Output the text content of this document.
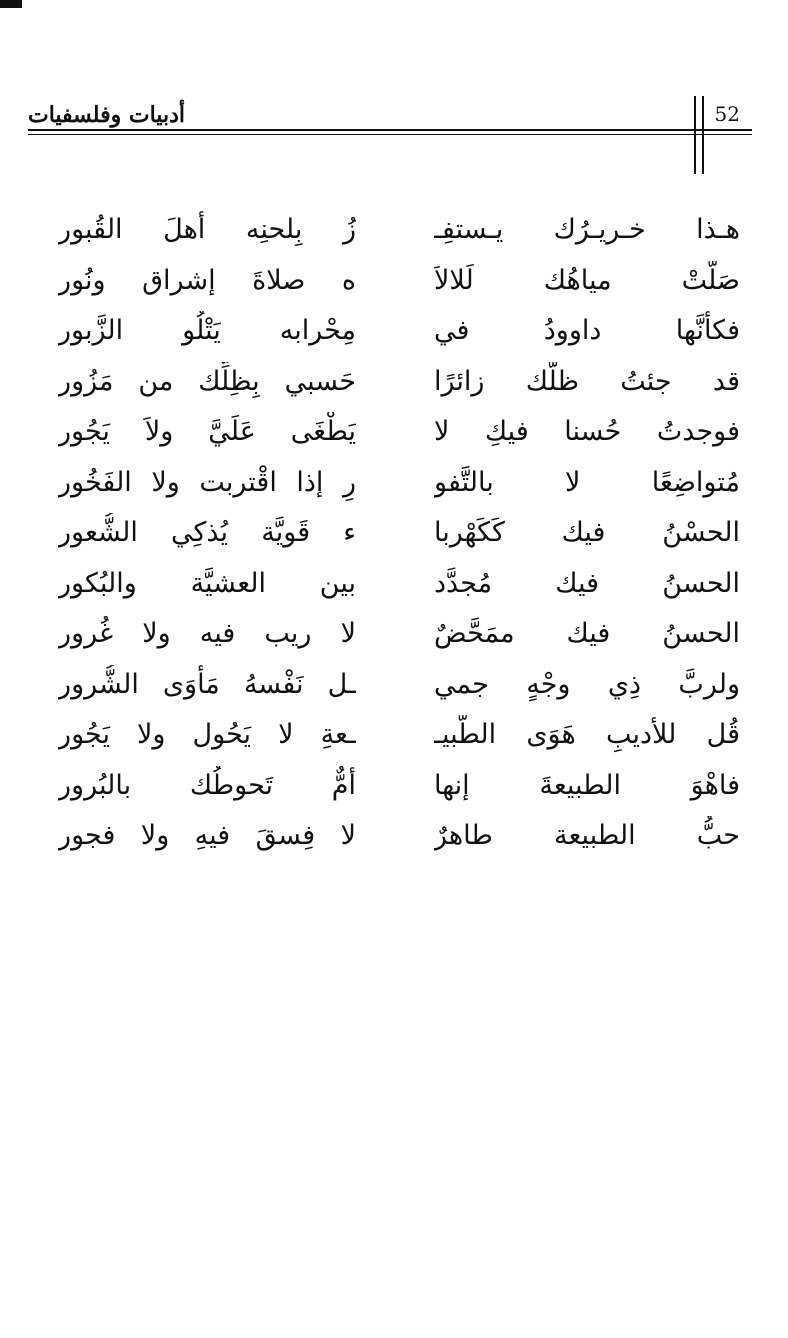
أدبيات وفلسفيات	52
هـذا
خـريـرُك
يـستفِـ
زُ
بِلحنِه
أهلَ
القُبور
صَلَّتْ
مياهُك
لَلالاَ
ه
صلاةَ
إشراق
ونُور
فكأنَّها
داوودُ
في
مِحْرابه
يَتْلُو
الزَّبور
قد
جئتُ
ظلَّك
زائرًا
حَسبي
بِظِلِّك
من
مَزُور
فوجدتُ
حُسنا
فيكِ
لا
يَطْغَى
عَلَيَّ
ولاَ
يَجُور
مُتواضِعًا
لا
بالتَّفو
رِ
إذا
اقْتربت
ولا
الفَخُور
الحسْنُ
فيك
كَكَهْربا
ء
قَويَّة
يُذكِي
الشُّعور
الحسنُ
فيك
مُجدَّد
بين
العشيَّة
والبُكور
الحسنُ
فيك
ممَحَّضٌ
لا
ريب
فيه
ولا
غُرور
ولربَّ
ذِي
وجْهٍ
جمي
ـل
نَفْسهُ
مَأوَى
الشُّرور
قُل
للأديبِ
هَوَى
الطَّبيـ
ـعةِ
لا
يَحُول
ولا
يَجُور
فاهْوَ
الطبيعةَ
إنها
أمٌّ
تَحوطُك
بالبُرور
حبُّ
الطبيعة
طاهرٌ
لا
فِسقَ
فيهِ
ولا
فجور
